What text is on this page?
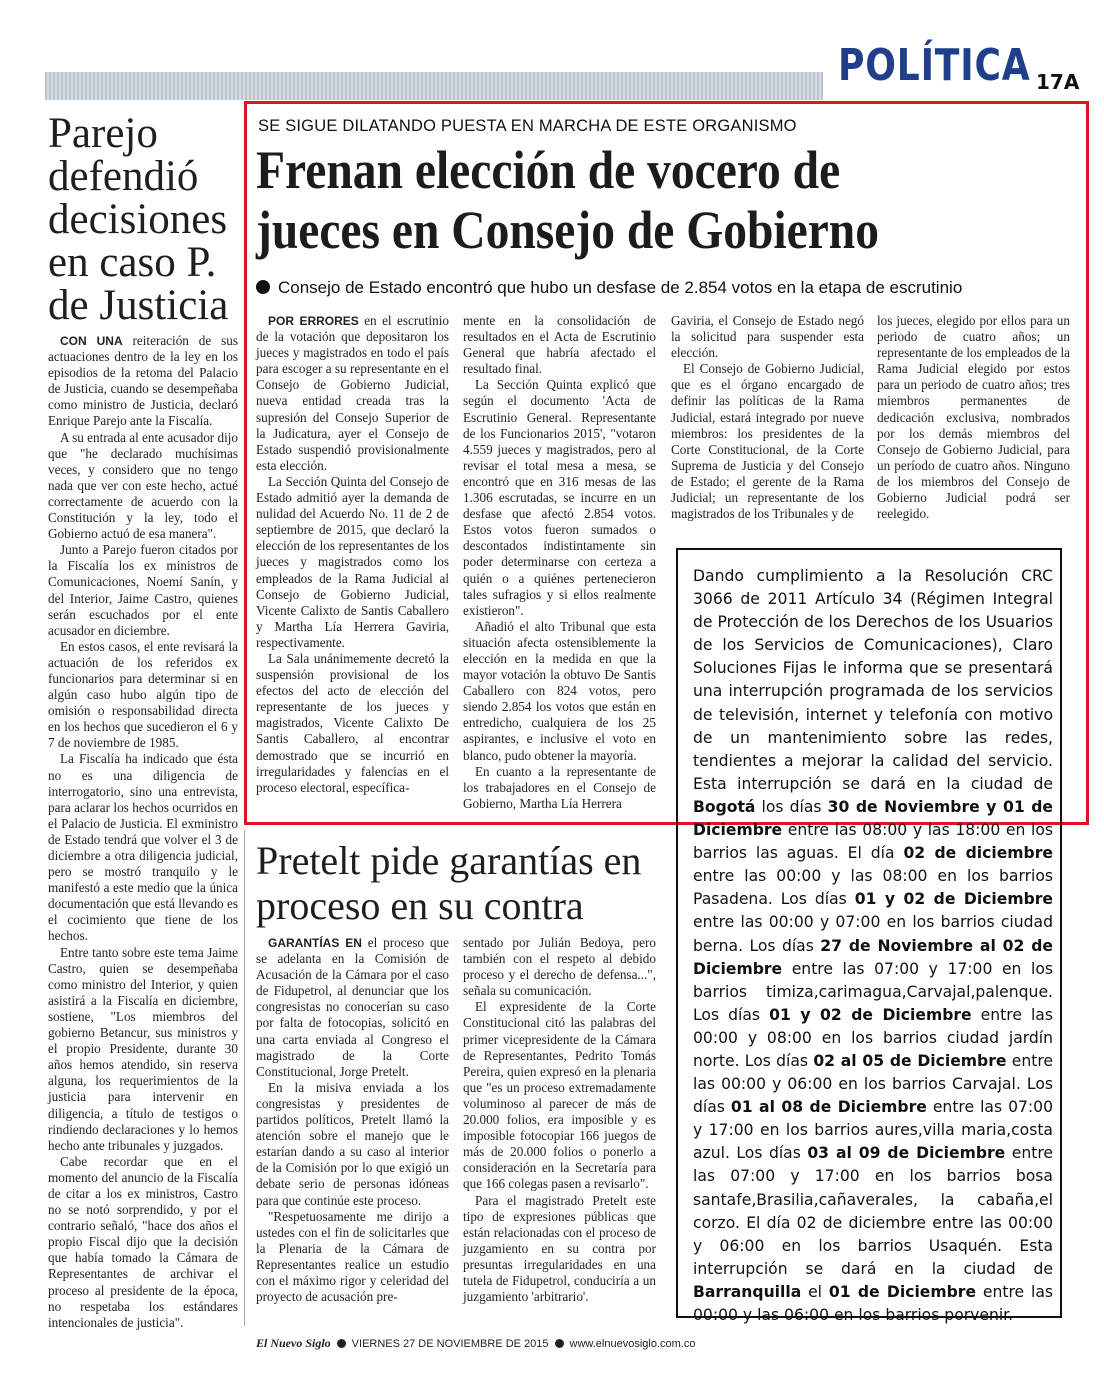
POLÍTICA 17A
Parejo defendió decisiones en caso P. de Justicia

CON UNA reiteración de sus actuaciones dentro de la ley en los episodios de la retoma del Palacio de Justicia, cuando se desempeñaba como ministro de Justicia, declaró Enrique Parejo ante la Fiscalía.

A su entrada al ente acusador dijo que "he declarado muchísimas veces, y considero que no tengo nada que ver con este hecho, actué correctamente de acuerdo con la Constitución y la ley, todo el Gobierno actuó de esa manera".

Junto a Parejo fueron citados por la Fiscalía los ex ministros de Comunicaciones, Noemí Sanín, y del Interior, Jaime Castro, quienes serán escuchados por el ente acusador en diciembre.

En estos casos, el ente revisará la actuación de los referidos ex funcionarios para determinar si en algún caso hubo algún tipo de omisión o responsabilidad directa en los hechos que sucedieron el 6 y 7 de noviembre de 1985.

La Fiscalía ha indicado que ésta no es una diligencia de interrogatorio, sino una entrevista, para aclarar los hechos ocurridos en el Palacio de Justicia. El exministro de Estado tendrá que volver el 3 de diciembre a otra diligencia judicial, pero se mostró tranquilo y le manifestó a este medio que la única documentación que está llevando es el cocimiento que tiene de los hechos.

Entre tanto sobre este tema Jaime Castro, quien se desempeñaba como ministro del Interior, y quien asistirá a la Fiscalía en diciembre, sostiene, "Los miembros del gobierno Betancur, sus ministros y el propio Presidente, durante 30 años hemos atendido, sin reserva alguna, los requerimientos de la justicia para intervenir en diligencia, a título de testigos o rindiendo declaraciones y lo hemos hecho ante tribunales y juzgados.

Cabe recordar que en el momento del anuncio de la Fiscalía de citar a los ex ministros, Castro no se notó sorprendido, y por el contrario señaló, "hace dos años el propio Fiscal dijo que la decisión que había tomado la Cámara de Representantes de archivar el proceso al presidente de la época, no respetaba los estándares intencionales de justicia".

SE SIGUE DILATANDO PUESTA EN MARCHA DE ESTE ORGANISMO
Frenan elección de vocero de
jueces en Consejo de Gobierno
Consejo de Estado encontró que hubo un desfase de 2.854 votos en la etapa de escrutinio

POR ERRORES en el escrutinio de la votación que depositaron los jueces y magistrados en todo el país para escoger a su representante en el Consejo de Gobierno Judicial, nueva entidad creada tras la supresión del Consejo Superior de la Judicatura, ayer el Consejo de Estado suspendió provisionalmente esta elección.

La Sección Quinta del Consejo de Estado admitió ayer la demanda de nulidad del Acuerdo No. 11 de 2 de septiembre de 2015, que declaró la elección de los representantes de los jueces y magistrados como los empleados de la Rama Judicial al Consejo de Gobierno Judicial, Vicente Calixto de Santis Caballero y Martha Lía Herrera Gaviria, respectivamente.

La Sala unánimemente decretó la suspensión provisional de los efectos del acto de elección del representante de los jueces y magistrados, Vicente Calixto De Santis Caballero, al encontrar demostrado que se incurrió en irregularidades y falencias en el proceso electoral, específica-

mente en la consolidación de resultados en el Acta de Escrutinio General que habría afectado el resultado final.

La Sección Quinta explicó que según el documento 'Acta de Escrutinio General. Representante de los Funcionarios 2015', "votaron 4.559 jueces y magistrados, pero al revisar el total mesa a mesa, se encontró que en 316 mesas de las 1.306 escrutadas, se incurre en un desfase que afectó 2.854 votos. Estos votos fueron sumados o descontados indistintamente sin poder determinarse con certeza a quién o a quiénes pertenecieron tales sufragios y si ellos realmente existieron".

Añadió el alto Tribunal que esta situación afecta ostensiblemente la elección en la medida en que la mayor votación la obtuvo De Santis Caballero con 824 votos, pero siendo 2.854 los votos que están en entredicho, cualquiera de los 25 aspirantes, e inclusive el voto en blanco, pudo obtener la mayoría.

En cuanto a la representante de los trabajadores en el Consejo de Gobierno, Martha Lía Herrera

Gaviria, el Consejo de Estado negó la solicitud para suspender esta elección.

El Consejo de Gobierno Judicial, que es el órgano encargado de definir las políticas de la Rama Judicial, estará integrado por nueve miembros: los presidentes de la Corte Constitucional, de la Corte Suprema de Justicia y del Consejo de Estado; el gerente de la Rama Judicial; un representante de los magistrados de los Tribunales y de

los jueces, elegido por ellos para un periodo de cuatro años; un representante de los empleados de la Rama Judicial elegido por estos para un periodo de cuatro años; tres miembros permanentes de dedicación exclusiva, nombrados por los demás miembros del Consejo de Gobierno Judicial, para un período de cuatro años. Ninguno de los miembros del Consejo de Gobierno Judicial podrá ser reelegido.

Pretelt pide garantías en proceso en su contra

GARANTÍAS EN el proceso que se adelanta en la Comisión de Acusación de la Cámara por el caso de Fidupetrol, al denunciar que los congresistas no conocerían su caso por falta de fotocopias, solicitó en una carta enviada al Congreso el magistrado de la Corte Constitucional, Jorge Pretelt.

En la misiva enviada a los congresistas y presidentes de partidos políticos, Pretelt llamó la atención sobre el manejo que le estarían dando a su caso al interior de la Comisión por lo que exigió un debate serio de personas idóneas para que continúe este proceso.

"Respetuosamente me dirijo a ustedes con el fin de solicitarles que la Plenaria de la Cámara de Representantes realice un estudio con el máximo rigor y celeridad del proyecto de acusación pre-

sentado por Julián Bedoya, pero también con el respeto al debido proceso y el derecho de defensa...", señala su comunicación.

El expresidente de la Corte Constitucional citó las palabras del primer vicepresidente de la Cámara de Representantes, Pedrito Tomás Pereira, quien expresó en la plenaria que "es un proceso extremadamente voluminoso al parecer de más de 20.000 folios, era imposible y es imposible fotocopiar 166 juegos de más de 20.000 folios o ponerlo a consideración en la Secretaría para que 166 colegas pasen a revisarlo".

Para el magistrado Pretelt este tipo de expresiones públicas que están relacionadas con el proceso de juzgamiento en su contra por presuntas irregularidades en una tutela de Fidupetrol, conduciría a un juzgamiento 'arbitrario'.

Dando cumplimiento a la Resolución CRC 3066 de 2011 Artículo 34 (Régimen Integral de Protección de los Derechos de los Usuarios de los Servicios de Comunicaciones), Claro Soluciones Fijas le informa que se presentará una interrupción programada de los servicios de televisión, internet y telefonía con motivo de un mantenimiento sobre las redes, tendientes a mejorar la calidad del servicio. Esta interrupción se dará en la ciudad de Bogotá los días 30 de Noviembre y 01 de Diciembre entre las 08:00 y las 18:00 en los barrios las aguas. El día 02 de diciembre entre las 00:00 y las 08:00 en los barrios Pasadena. Los días 01 y 02 de Diciembre entre las 00:00 y 07:00 en los barrios ciudad berna. Los días 27 de Noviembre al 02 de Diciembre entre las 07:00 y 17:00 en los barrios timiza,carimagua,Carvajal,palenque. Los días 01 y 02 de Diciembre entre las 00:00 y 08:00 en los barrios ciudad jardín norte. Los días 02 al 05 de Diciembre entre las 00:00 y 06:00 en los barrios Carvajal. Los días 01 al 08 de Diciembre entre las 07:00 y 17:00 en los barrios aures,villa maria,costa azul. Los días 03 al 09 de Diciembre entre las 07:00 y 17:00 en los barrios bosa santafe,Brasilia,cañaverales, la cabaña,el corzo. El día 02 de diciembre entre las 00:00 y 06:00 en los barrios Usaquén. Esta interrupción se dará en la ciudad de Barranquilla el 01 de Diciembre entre las 00:00 y las 06:00 en los barrios porvenir.
El Nuevo Siglo VIERNES 27 DE NOVIEMBRE DE 2015 www.elnuevosiglo.com.co
